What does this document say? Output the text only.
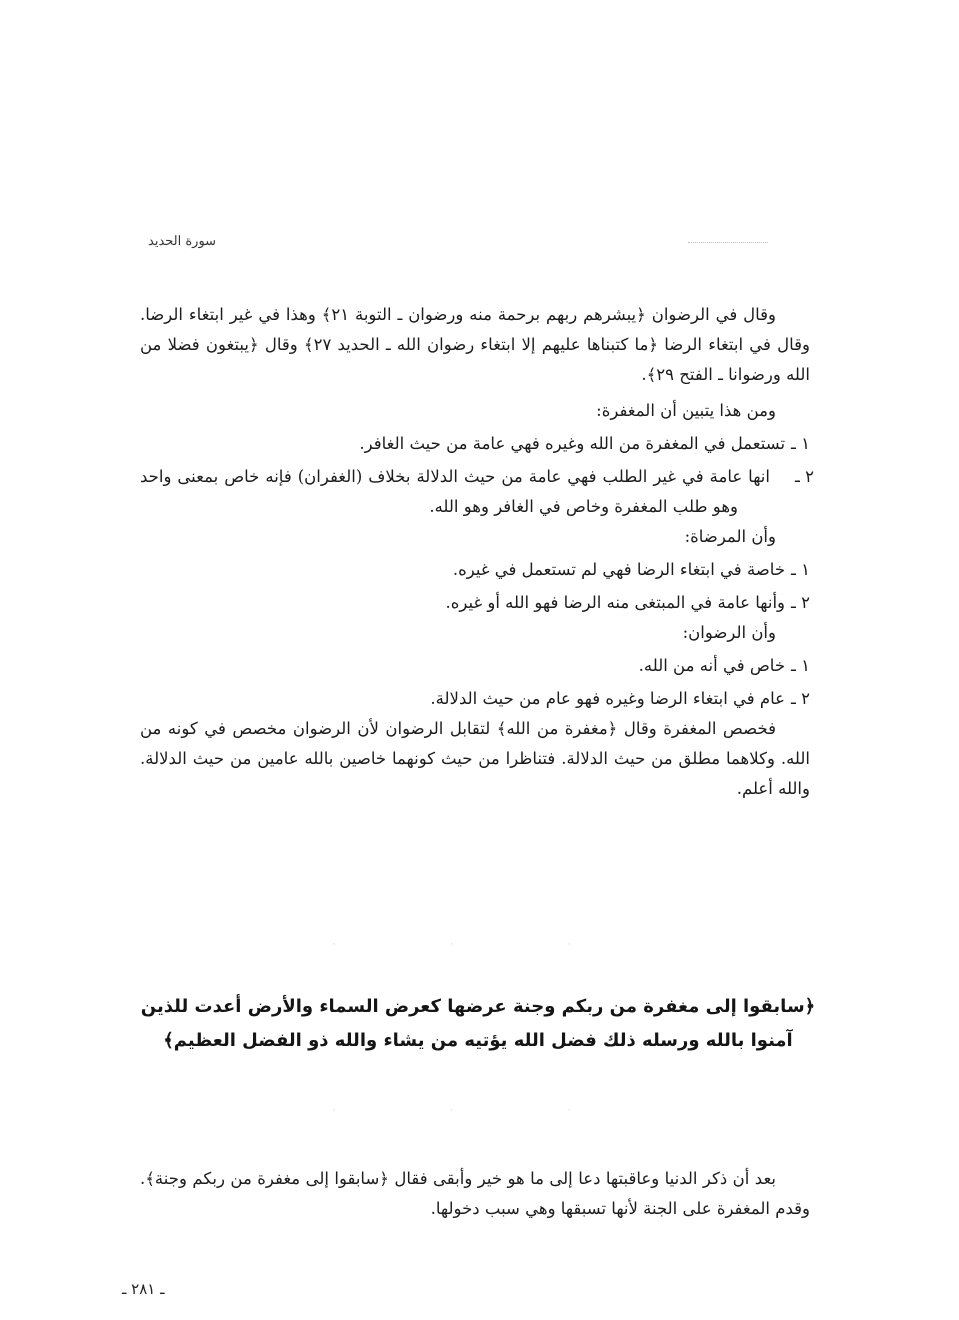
سورة الحديد

وقال في الرضوان ﴿يبشرهم ربهم برحمة منه ورضوان ـ التوبة ٢١﴾ وهذا في غير ابتغاء الرضا. وقال في ابتغاء الرضا ﴿ما كتبناها عليهم إلا ابتغاء رضوان الله ـ الحديد ٢٧﴾ وقال ﴿يبتغون فضلا من الله ورضوانا ـ الفتح ٢٩﴾.

ومن هذا يتبين أن المغفرة:

١ ـتستعمل في المغفرة من الله وغيره فهي عامة من حيث الغافر.

٢ ـانها عامة في غير الطلب فهي عامة من حيث الدلالة بخلاف (الغفران) فإنه خاص بمعنى واحد وهو طلب المغفرة وخاص في الغافر وهو الله.

وأن المرضاة:

١ ـخاصة في ابتغاء الرضا فهي لم تستعمل في غيره.

٢ ـوأنها عامة في المبتغى منه الرضا فهو الله أو غيره.

وأن الرضوان:

١ ـخاص في أنه من الله.

٢ ـعام في ابتغاء الرضا وغيره فهو عام من حيث الدلالة.

فخصص المغفرة وقال ﴿مغفرة من الله﴾ لتقابل الرضوان لأن الرضوان مخصص في كونه من الله. وكلاهما مطلق من حيث الدلالة. فتناظرا من حيث كونهما خاصين بالله عامين من حيث الدلالة. والله أعلم.

· · ·
﴿سابقوا إلى مغفرة من ربكم وجنة عرضها كعرض السماء والأرض أعدت للذين آمنوا بالله ورسله ذلك فضل الله يؤتيه من يشاء والله ذو الفضل العظيم﴾
· · ·

بعد أن ذكر الدنيا وعاقبتها دعا إلى ما هو خير وأبقى فقال ﴿سابقوا إلى مغفرة من ربكم وجنة﴾. وقدم المغفرة على الجنة لأنها تسبقها وهي سبب دخولها.

ـ ٢٨١ ـ
